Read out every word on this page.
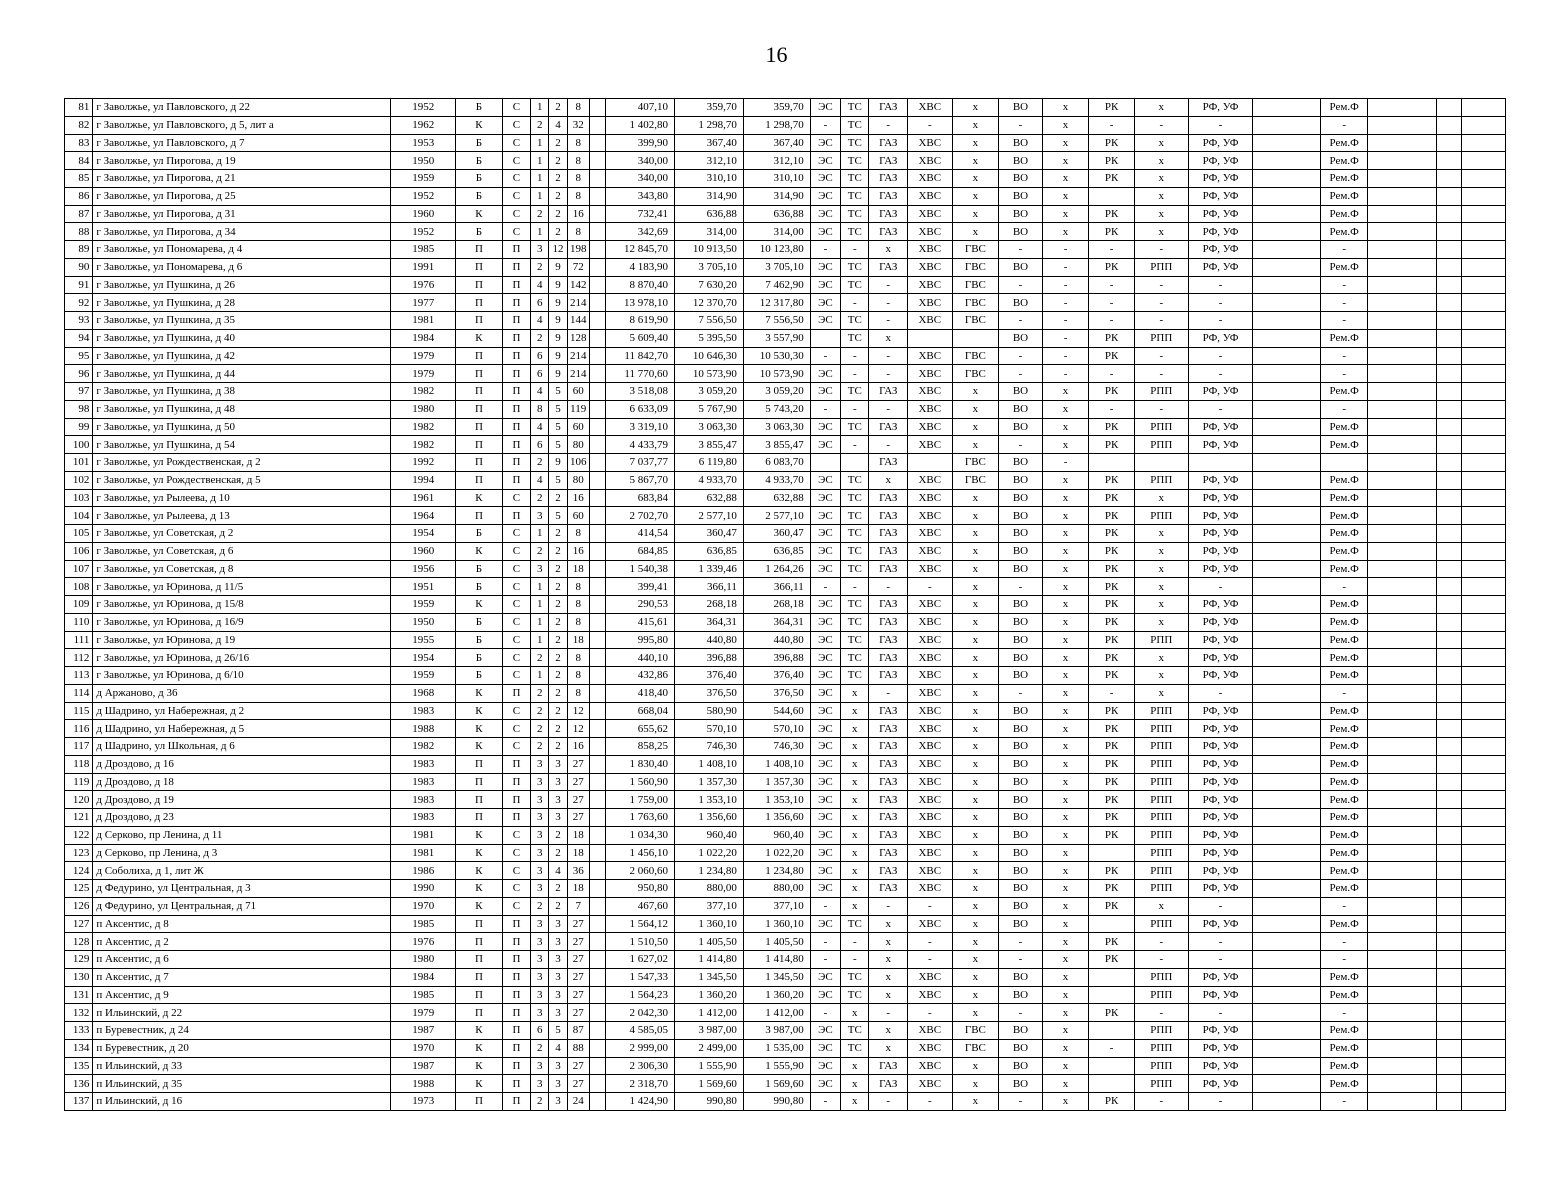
16
81	г Заволжье, ул Павловского, д 22	1952	Б	С	1	2	8		407,10	359,70	359,70	ЭС	ТС	ГАЗ	ХВС	х	ВО	х	РК	х	РФ, УФ		Рем.Ф			
82	г Заволжье, ул Павловского, д 5, лит а	1962	К	С	2	4	32		1 402,80	1 298,70	1 298,70	-	ТС	-	-	х	-	х	-	-	-		-			
83	г Заволжье, ул Павловского, д 7	1953	Б	С	1	2	8		399,90	367,40	367,40	ЭС	ТС	ГАЗ	ХВС	х	ВО	х	РК	х	РФ, УФ		Рем.Ф			
84	г Заволжье, ул Пирогова, д 19	1950	Б	С	1	2	8		340,00	312,10	312,10	ЭС	ТС	ГАЗ	ХВС	х	ВО	х	РК	х	РФ, УФ		Рем.Ф			
85	г Заволжье, ул Пирогова, д 21	1959	Б	С	1	2	8		340,00	310,10	310,10	ЭС	ТС	ГАЗ	ХВС	х	ВО	х	РК	х	РФ, УФ		Рем.Ф			
86	г Заволжье, ул Пирогова, д 25	1952	Б	С	1	2	8		343,80	314,90	314,90	ЭС	ТС	ГАЗ	ХВС	х	ВО	х		х	РФ, УФ		Рем.Ф			
87	г Заволжье, ул Пирогова, д 31	1960	К	С	2	2	16		732,41	636,88	636,88	ЭС	ТС	ГАЗ	ХВС	х	ВО	х	РК	х	РФ, УФ		Рем.Ф			
88	г Заволжье, ул Пирогова, д 34	1952	Б	С	1	2	8		342,69	314,00	314,00	ЭС	ТС	ГАЗ	ХВС	х	ВО	х	РК	х	РФ, УФ		Рем.Ф			
89	г Заволжье, ул Пономарева, д 4	1985	П	П	3	12	198		12 845,70	10 913,50	10 123,80	-	-	х	ХВС	ГВС	-	-	-	-	РФ, УФ		-			
90	г Заволжье, ул Пономарева, д 6	1991	П	П	2	9	72		4 183,90	3 705,10	3 705,10	ЭС	ТС	ГАЗ	ХВС	ГВС	ВО	-	РК	РПП	РФ, УФ		Рем.Ф			
91	г Заволжье, ул Пушкина, д 26	1976	П	П	4	9	142		8 870,40	7 630,20	7 462,90	ЭС	ТС	-	ХВС	ГВС	-	-	-	-	-		-			
92	г Заволжье, ул Пушкина, д 28	1977	П	П	6	9	214		13 978,10	12 370,70	12 317,80	ЭС	-	-	ХВС	ГВС	ВО	-	-	-	-		-			
93	г Заволжье, ул Пушкина, д 35	1981	П	П	4	9	144		8 619,90	7 556,50	7 556,50	ЭС	ТС	-	ХВС	ГВС	-	-	-	-	-		-			
94	г Заволжье, ул Пушкина, д 40	1984	К	П	2	9	128		5 609,40	5 395,50	3 557,90		ТС	х			ВО	-	РК	РПП	РФ, УФ		Рем.Ф			
95	г Заволжье, ул Пушкина, д 42	1979	П	П	6	9	214		11 842,70	10 646,30	10 530,30	-	-	-	ХВС	ГВС	-	-	РК	-	-		-			
96	г Заволжье, ул Пушкина, д 44	1979	П	П	6	9	214		11 770,60	10 573,90	10 573,90	ЭС	-	-	ХВС	ГВС	-	-	-	-	-		-			
97	г Заволжье, ул Пушкина, д 38	1982	П	П	4	5	60		3 518,08	3 059,20	3 059,20	ЭС	ТС	ГАЗ	ХВС	х	ВО	х	РК	РПП	РФ, УФ		Рем.Ф			
98	г Заволжье, ул Пушкина, д 48	1980	П	П	8	5	119		6 633,09	5 767,90	5 743,20	-	-	-	ХВС	х	ВО	х	-	-	-		-			
99	г Заволжье, ул Пушкина, д 50	1982	П	П	4	5	60		3 319,10	3 063,30	3 063,30	ЭС	ТС	ГАЗ	ХВС	х	ВО	х	РК	РПП	РФ, УФ		Рем.Ф			
100	г Заволжье, ул Пушкина, д 54	1982	П	П	6	5	80		4 433,79	3 855,47	3 855,47	ЭС	-	-	ХВС	х	-	х	РК	РПП	РФ, УФ		Рем.Ф			
101	г Заволжье, ул Рождественская, д 2	1992	П	П	2	9	106		7 037,77	6 119,80	6 083,70			ГАЗ		ГВС	ВО	-								
102	г Заволжье, ул Рождественская, д 5	1994	П	П	4	5	80		5 867,70	4 933,70	4 933,70	ЭС	ТС	х	ХВС	ГВС	ВО	х	РК	РПП	РФ, УФ		Рем.Ф			
103	г Заволжье, ул Рылеева, д 10	1961	К	С	2	2	16		683,84	632,88	632,88	ЭС	ТС	ГАЗ	ХВС	х	ВО	х	РК	х	РФ, УФ		Рем.Ф			
104	г Заволжье, ул Рылеева, д 13	1964	П	П	3	5	60		2 702,70	2 577,10	2 577,10	ЭС	ТС	ГАЗ	ХВС	х	ВО	х	РК	РПП	РФ, УФ		Рем.Ф			
105	г Заволжье, ул Советская, д 2	1954	Б	С	1	2	8		414,54	360,47	360,47	ЭС	ТС	ГАЗ	ХВС	х	ВО	х	РК	х	РФ, УФ		Рем.Ф			
106	г Заволжье, ул Советская, д 6	1960	К	С	2	2	16		684,85	636,85	636,85	ЭС	ТС	ГАЗ	ХВС	х	ВО	х	РК	х	РФ, УФ		Рем.Ф			
107	г Заволжье, ул Советская, д 8	1956	Б	С	3	2	18		1 540,38	1 339,46	1 264,26	ЭС	ТС	ГАЗ	ХВС	х	ВО	х	РК	х	РФ, УФ		Рем.Ф			
108	г Заволжье, ул Юринова, д 11/5	1951	Б	С	1	2	8		399,41	366,11	366,11	-	-	-	-	х	-	х	РК	х	-		-			
109	г Заволжье, ул Юринова, д 15/8	1959	К	С	1	2	8		290,53	268,18	268,18	ЭС	ТС	ГАЗ	ХВС	х	ВО	х	РК	х	РФ, УФ		Рем.Ф			
110	г Заволжье, ул Юринова, д 16/9	1950	Б	С	1	2	8		415,61	364,31	364,31	ЭС	ТС	ГАЗ	ХВС	х	ВО	х	РК	х	РФ, УФ		Рем.Ф			
111	г Заволжье, ул Юринова, д 19	1955	Б	С	1	2	18		995,80	440,80	440,80	ЭС	ТС	ГАЗ	ХВС	х	ВО	х	РК	РПП	РФ, УФ		Рем.Ф			
112	г Заволжье, ул Юринова, д 26/16	1954	Б	С	2	2	8		440,10	396,88	396,88	ЭС	ТС	ГАЗ	ХВС	х	ВО	х	РК	х	РФ, УФ		Рем.Ф			
113	г Заволжье, ул Юринова, д 6/10	1959	Б	С	1	2	8		432,86	376,40	376,40	ЭС	ТС	ГАЗ	ХВС	х	ВО	х	РК	х	РФ, УФ		Рем.Ф			
114	д Аржаново, д 36	1968	К	П	2	2	8		418,40	376,50	376,50	ЭС	х	-	ХВС	х	-	х	-	х	-		-			
115	д Шадрино, ул Набережная, д 2	1983	К	С	2	2	12		668,04	580,90	544,60	ЭС	х	ГАЗ	ХВС	х	ВО	х	РК	РПП	РФ, УФ		Рем.Ф			
116	д Шадрино, ул Набережная, д 5	1988	К	С	2	2	12		655,62	570,10	570,10	ЭС	х	ГАЗ	ХВС	х	ВО	х	РК	РПП	РФ, УФ		Рем.Ф			
117	д Шадрино, ул Школьная, д 6	1982	К	С	2	2	16		858,25	746,30	746,30	ЭС	х	ГАЗ	ХВС	х	ВО	х	РК	РПП	РФ, УФ		Рем.Ф			
118	д Дроздово, д 16	1983	П	П	3	3	27		1 830,40	1 408,10	1 408,10	ЭС	х	ГАЗ	ХВС	х	ВО	х	РК	РПП	РФ, УФ		Рем.Ф			
119	д Дроздово, д 18	1983	П	П	3	3	27		1 560,90	1 357,30	1 357,30	ЭС	х	ГАЗ	ХВС	х	ВО	х	РК	РПП	РФ, УФ		Рем.Ф			
120	д Дроздово, д 19	1983	П	П	3	3	27		1 759,00	1 353,10	1 353,10	ЭС	х	ГАЗ	ХВС	х	ВО	х	РК	РПП	РФ, УФ		Рем.Ф			
121	д Дроздово, д 23	1983	П	П	3	3	27		1 763,60	1 356,60	1 356,60	ЭС	х	ГАЗ	ХВС	х	ВО	х	РК	РПП	РФ, УФ		Рем.Ф			
122	д Серково, пр Ленина, д 11	1981	К	С	3	2	18		1 034,30	960,40	960,40	ЭС	х	ГАЗ	ХВС	х	ВО	х	РК	РПП	РФ, УФ		Рем.Ф			
123	д Серково, пр Ленина, д 3	1981	К	С	3	2	18		1 456,10	1 022,20	1 022,20	ЭС	х	ГАЗ	ХВС	х	ВО	х		РПП	РФ, УФ		Рем.Ф			
124	д Соболиха, д 1, лит Ж	1986	К	С	3	4	36		2 060,60	1 234,80	1 234,80	ЭС	х	ГАЗ	ХВС	х	ВО	х	РК	РПП	РФ, УФ		Рем.Ф			
125	д Федурино, ул Центральная, д 3	1990	К	С	3	2	18		950,80	880,00	880,00	ЭС	х	ГАЗ	ХВС	х	ВО	х	РК	РПП	РФ, УФ		Рем.Ф			
126	д Федурино, ул Центральная, д 71	1970	К	С	2	2	7		467,60	377,10	377,10	-	х	-	-	х	ВО	х	РК	х	-		-			
127	п Аксентис, д 8	1985	П	П	3	3	27		1 564,12	1 360,10	1 360,10	ЭС	ТС	х	ХВС	х	ВО	х		РПП	РФ, УФ		Рем.Ф			
128	п Аксентис, д 2	1976	П	П	3	3	27		1 510,50	1 405,50	1 405,50	-	-	х	-	х	-	х	РК	-	-		-			
129	п Аксентис, д 6	1980	П	П	3	3	27		1 627,02	1 414,80	1 414,80	-	-	х	-	х	-	х	РК	-	-		-			
130	п Аксентис, д 7	1984	П	П	3	3	27		1 547,33	1 345,50	1 345,50	ЭС	ТС	х	ХВС	х	ВО	х		РПП	РФ, УФ		Рем.Ф			
131	п Аксентис, д 9	1985	П	П	3	3	27		1 564,23	1 360,20	1 360,20	ЭС	ТС	х	ХВС	х	ВО	х		РПП	РФ, УФ		Рем.Ф			
132	п Ильинский, д 22	1979	П	П	3	3	27		2 042,30	1 412,00	1 412,00	-	х	-	-	х	-	х	РК	-	-		-			
133	п Буревестник, д 24	1987	К	П	6	5	87		4 585,05	3 987,00	3 987,00	ЭС	ТС	х	ХВС	ГВС	ВО	х		РПП	РФ, УФ		Рем.Ф			
134	п Буревестник, д 20	1970	К	П	2	4	88		2 999,00	2 499,00	1 535,00	ЭС	ТС	х	ХВС	ГВС	ВО	х	-	РПП	РФ, УФ		Рем.Ф			
135	п Ильинский, д 33	1987	К	П	3	3	27		2 306,30	1 555,90	1 555,90	ЭС	х	ГАЗ	ХВС	х	ВО	х		РПП	РФ, УФ		Рем.Ф			
136	п Ильинский, д 35	1988	К	П	3	3	27		2 318,70	1 569,60	1 569,60	ЭС	х	ГАЗ	ХВС	х	ВО	х		РПП	РФ, УФ		Рем.Ф			
137	п Ильинский, д 16	1973	П	П	2	3	24		1 424,90	990,80	990,80	-	х	-	-	х	-	х	РК	-	-		-			
